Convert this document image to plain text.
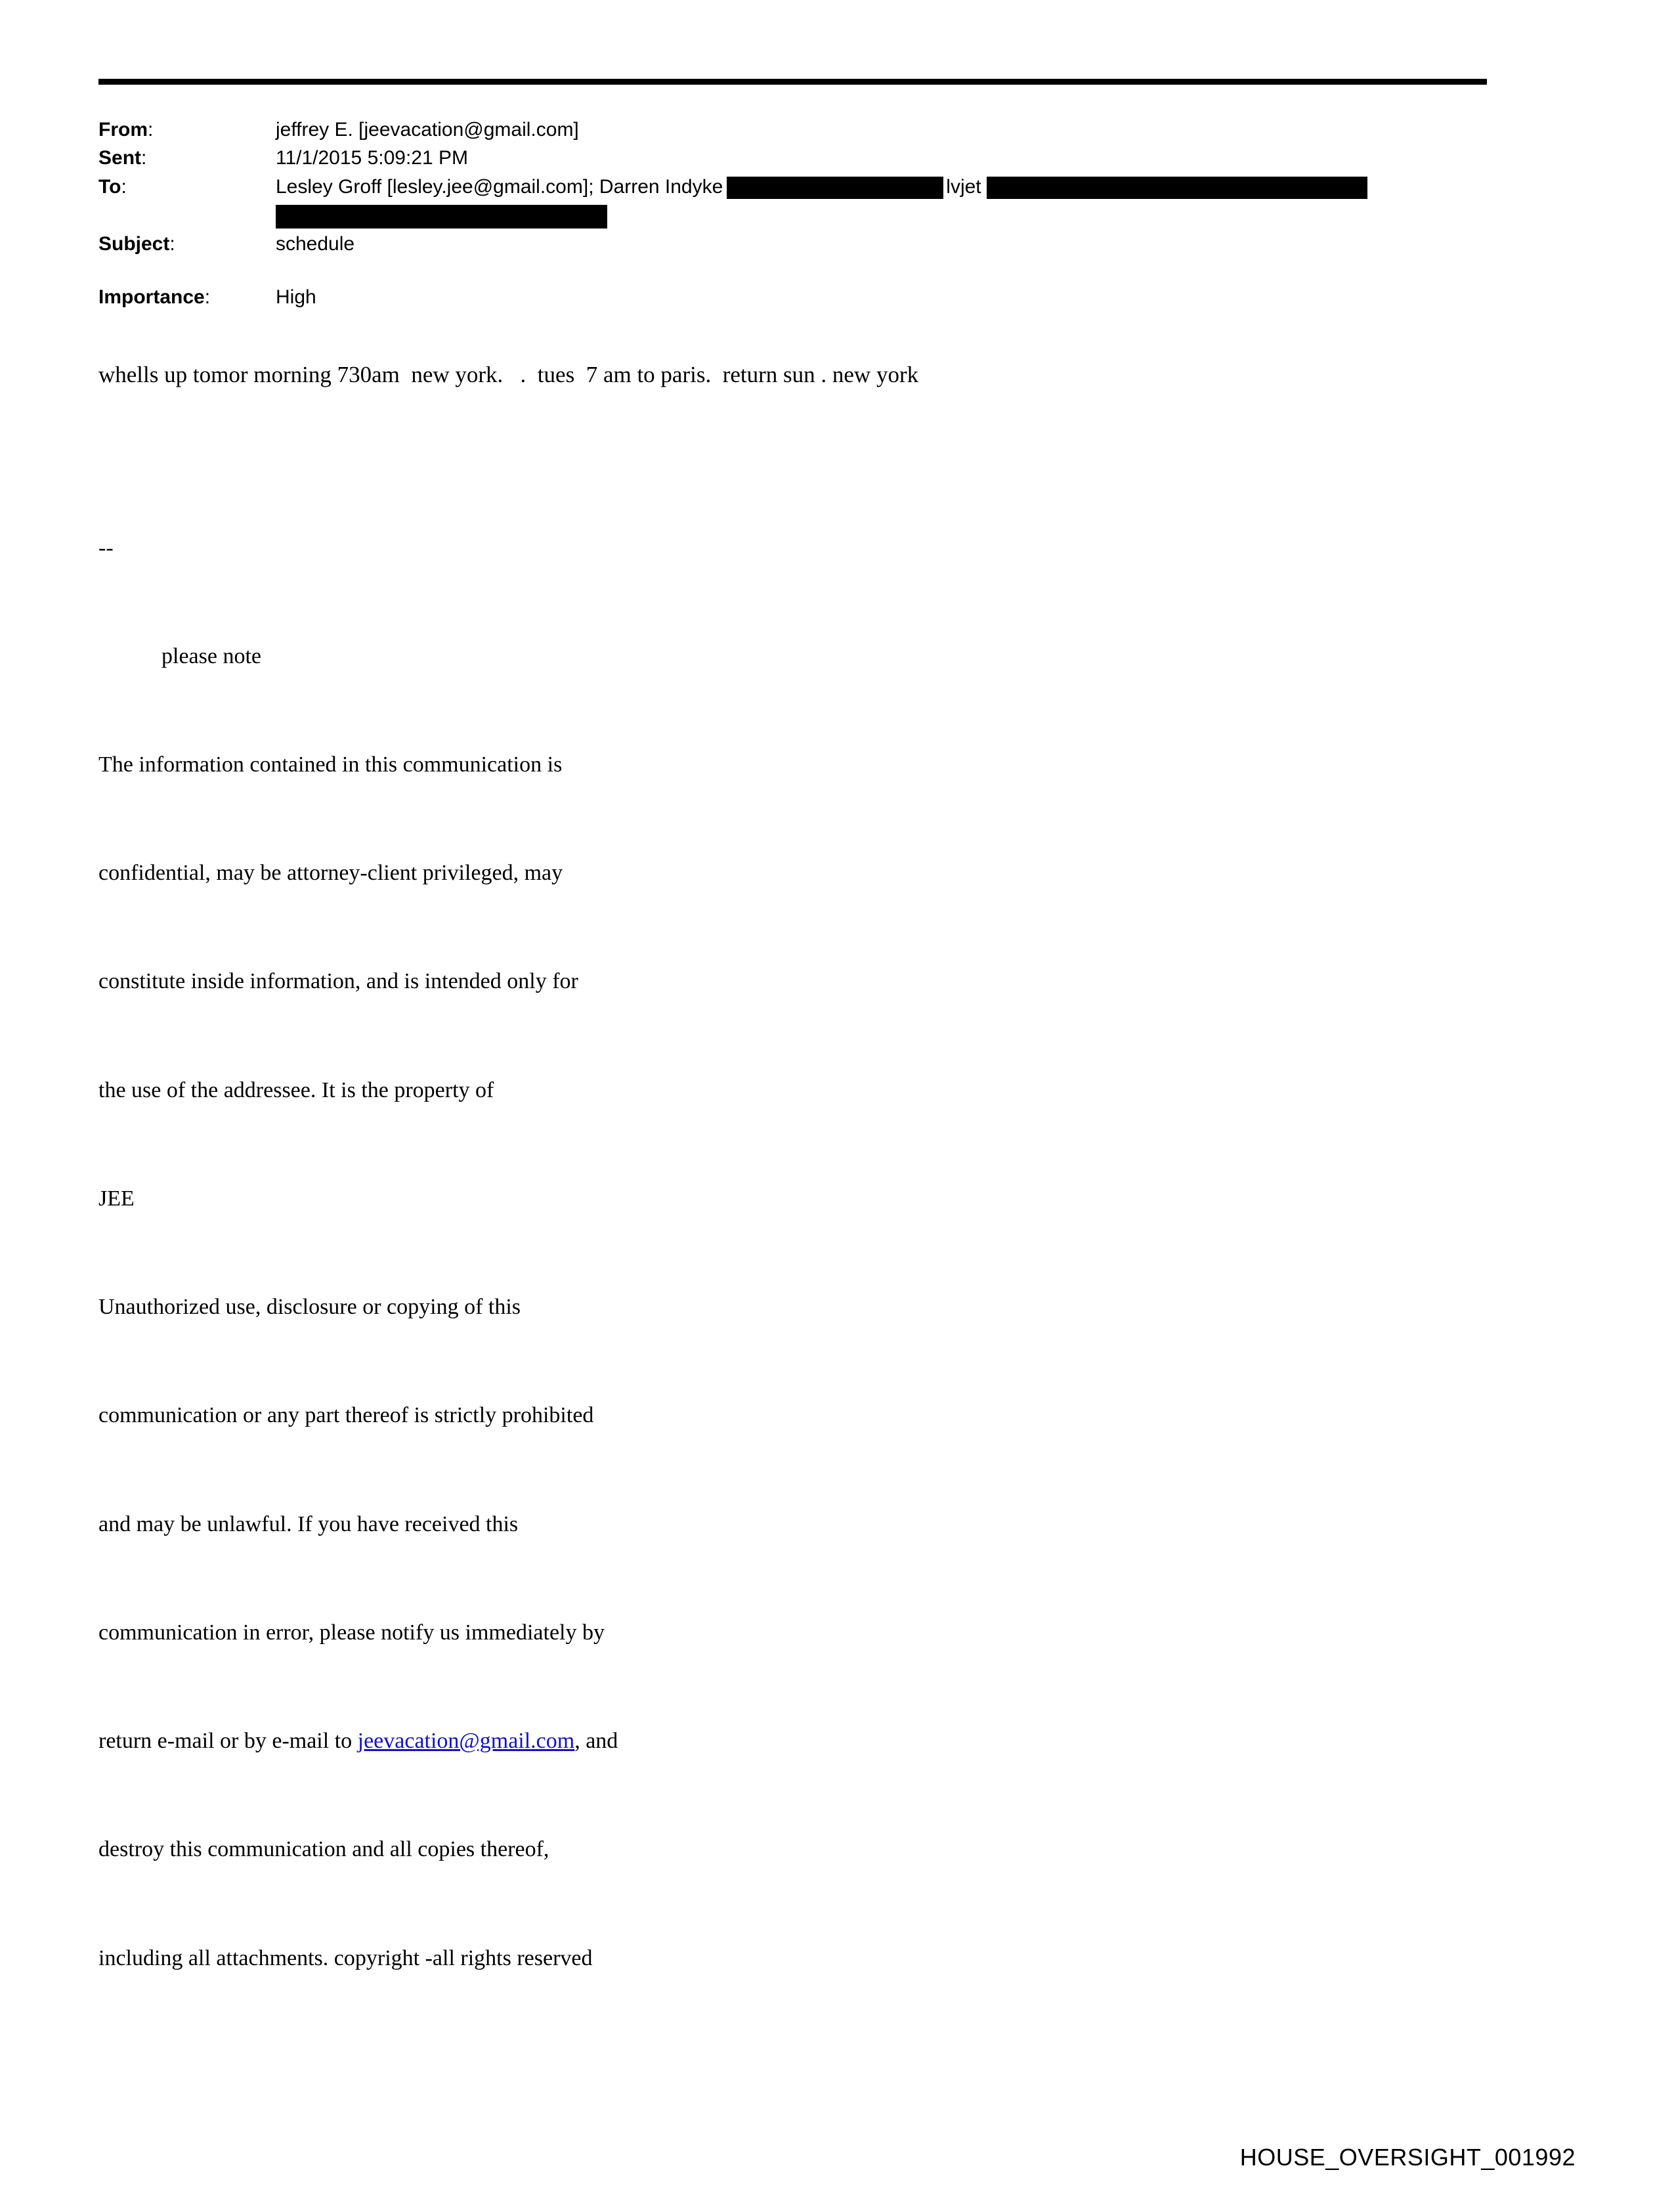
From:	jeffrey E. [jeevacation@gmail.com]
Sent:	11/1/2015 5:09:21 PM
To:	Lesley Groff [lesley.jee@gmail.com]; Darren Indyke lvjet

Subject:	schedule

Importance:	High
whells up tomor morning 730am  new york.   .  tues  7 am to paris.  return sun . new york

--

please note

The information contained in this communication is

confidential, may be attorney-client privileged, may

constitute inside information, and is intended only for

the use of the addressee. It is the property of

JEE

Unauthorized use, disclosure or copying of this

communication or any part thereof is strictly prohibited

and may be unlawful. If you have received this

communication in error, please notify us immediately by

return e-mail or by e-mail to jeevacation@gmail.com, and

destroy this communication and all copies thereof,

including all attachments. copyright -all rights reserved

HOUSE_OVERSIGHT_001992
